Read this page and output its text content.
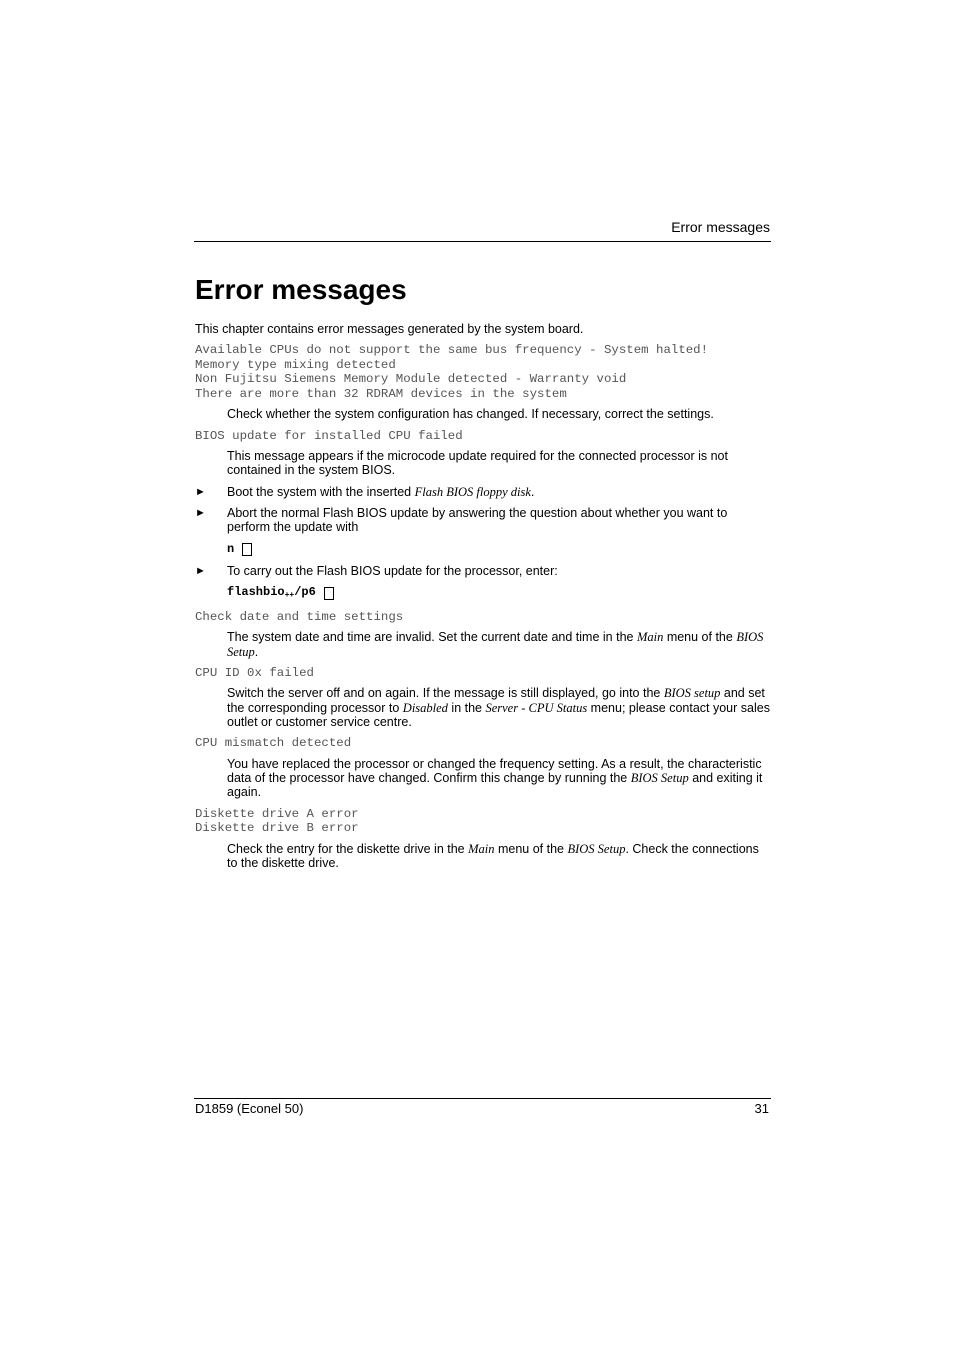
Error messages
Error messages

This chapter contains error messages generated by the system board.

Available CPUs do not support the same bus frequency - System halted!
Memory type mixing detected
Non Fujitsu Siemens Memory Module detected - Warranty void
There are more than 32 RDRAM devices in the system

Check whether the system configuration has changed. If necessary, correct the settings.

BIOS update for installed CPU failed

This message appears if the microcode update required for the connected processor is not contained in the system BIOS.

►	Boot the system with the inserted Flash BIOS floppy disk.
►	Abort the normal Flash BIOS update by answering the question about whether you want to perform the update with
n
►	To carry out the Flash BIOS update for the processor, enter:
flashbio$_{++}$/p6
Check date and time settings

The system date and time are invalid. Set the current date and time in the Main menu of the BIOS Setup.

CPU ID 0x failed

Switch the server off and on again. If the message is still displayed, go into the BIOS setup and set the corresponding processor to Disabled in the Server - CPU Status menu; please contact your sales outlet or customer service centre.

CPU mismatch detected

You have replaced the processor or changed the frequency setting. As a result, the characteristic data of the processor have changed. Confirm this change by running the BIOS Setup and exiting it again.

Diskette drive A error
Diskette drive B error

Check the entry for the diskette drive in the Main menu of the BIOS Setup. Check the connections to the diskette drive.

D1859 (Econel 50)	31
